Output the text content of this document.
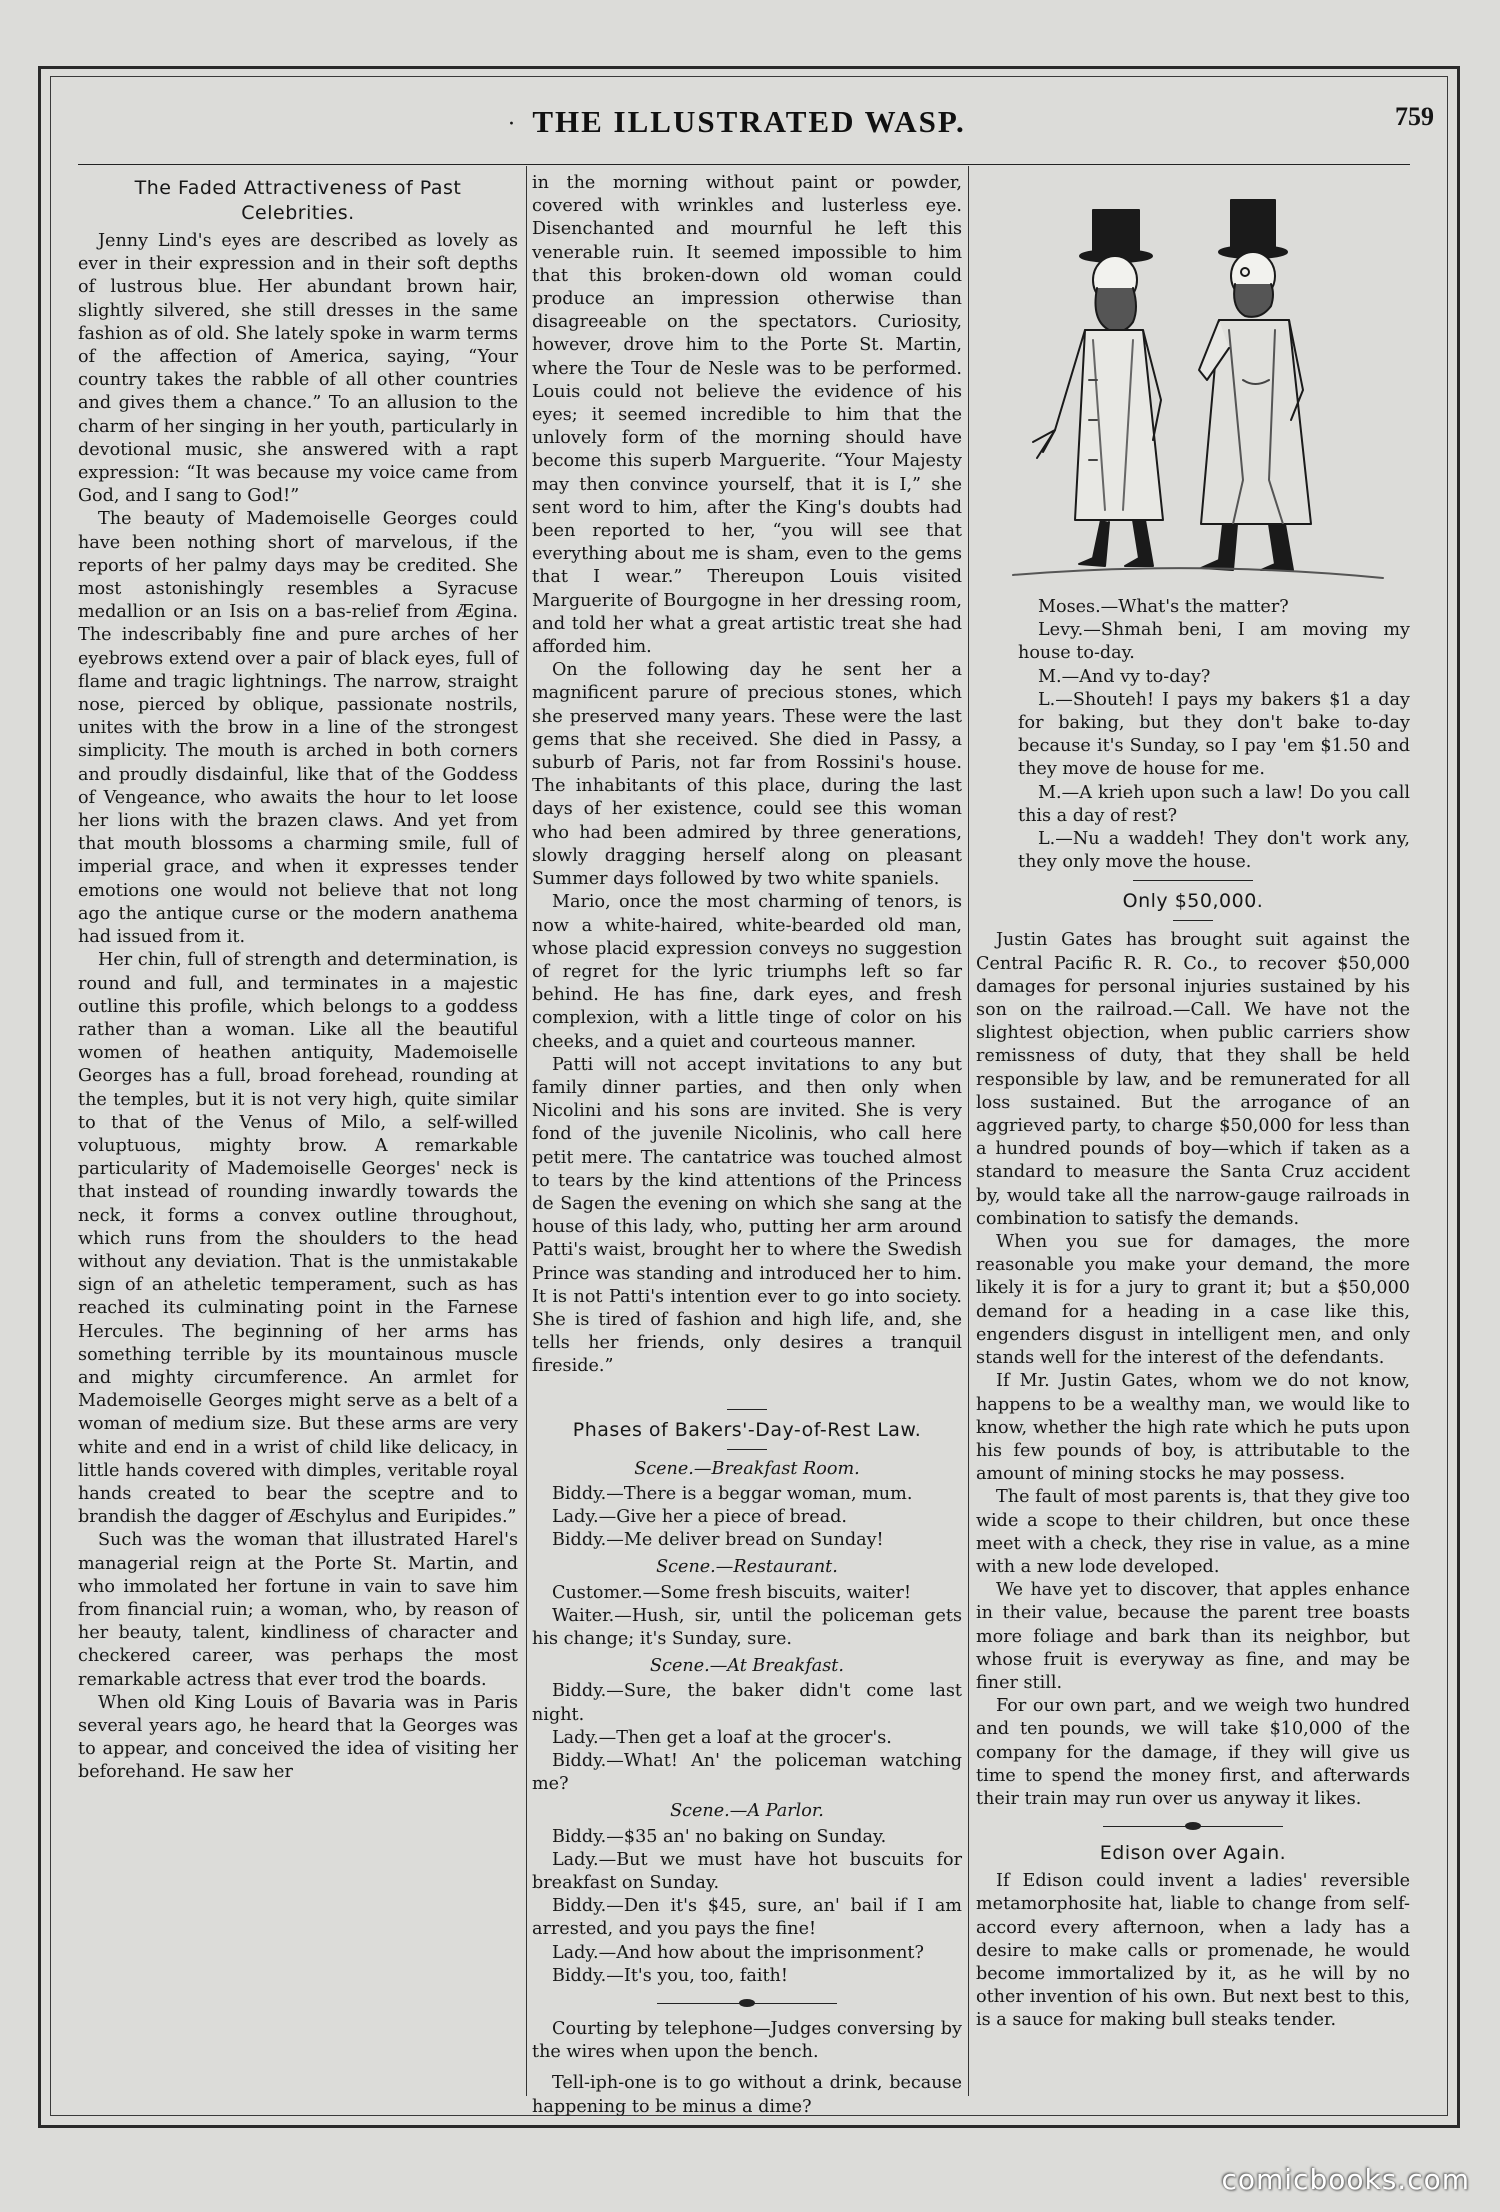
· THE ILLUSTRATED WASP.	759
The Faded Attractiveness of Past Celebrities.

Jenny Lind's eyes are described as lovely as ever in their expression and in their soft depths of lustrous blue. Her abundant brown hair, slightly silvered, she still dresses in the same fashion as of old. She lately spoke in warm terms of the affection of America, saying, “Your country takes the rabble of all other countries and gives them a chance.” To an allusion to the charm of her singing in her youth, particularly in devotional music, she answered with a rapt expression: “It was because my voice came from God, and I sang to God!”

The beauty of Mademoiselle Georges could have been nothing short of marvelous, if the reports of her palmy days may be credited. She most astonishingly resembles a Syracuse medallion or an Isis on a bas-relief from Ægina. The indescribably fine and pure arches of her eyebrows extend over a pair of black eyes, full of flame and tragic lightnings. The narrow, straight nose, pierced by oblique, passionate nostrils, unites with the brow in a line of the strongest simplicity. The mouth is arched in both corners and proudly disdainful, like that of the Goddess of Vengeance, who awaits the hour to let loose her lions with the brazen claws. And yet from that mouth blossoms a charming smile, full of imperial grace, and when it expresses tender emotions one would not believe that not long ago the antique curse or the modern anathema had issued from it.

Her chin, full of strength and determination, is round and full, and terminates in a majestic outline this profile, which belongs to a goddess rather than a woman. Like all the beautiful women of heathen antiquity, Mademoiselle Georges has a full, broad forehead, rounding at the temples, but it is not very high, quite similar to that of the Venus of Milo, a self-willed voluptuous, mighty brow. A remarkable particularity of Mademoiselle Georges' neck is that instead of rounding inwardly towards the neck, it forms a convex outline throughout, which runs from the shoulders to the head without any deviation. That is the unmistakable sign of an atheletic temperament, such as has reached its culminating point in the Farnese Hercules. The beginning of her arms has something terrible by its mountainous muscle and mighty circumference. An armlet for Mademoiselle Georges might serve as a belt of a woman of medium size. But these arms are very white and end in a wrist of child like delicacy, in little hands covered with dimples, veritable royal hands created to bear the sceptre and to brandish the dagger of Æschylus and Euripides.”

Such was the woman that illustrated Harel's managerial reign at the Porte St. Martin, and who immolated her fortune in vain to save him from financial ruin; a woman, who, by reason of her beauty, talent, kindliness of character and checkered career, was perhaps the most remarkable actress that ever trod the boards.

When old King Louis of Bavaria was in Paris several years ago, he heard that la Georges was to appear, and conceived the idea of visiting her beforehand. He saw her

in the morning without paint or powder, covered with wrinkles and lusterless eye. Disenchanted and mournful he left this venerable ruin. It seemed impossible to him that this broken-down old woman could produce an impression otherwise than disagreeable on the spectators. Curiosity, however, drove him to the Porte St. Martin, where the Tour de Nesle was to be performed. Louis could not believe the evidence of his eyes; it seemed incredible to him that the unlovely form of the morning should have become this superb Marguerite. “Your Majesty may then convince yourself, that it is I,” she sent word to him, after the King's doubts had been reported to her, “you will see that everything about me is sham, even to the gems that I wear.” Thereupon Louis visited Marguerite of Bourgogne in her dressing room, and told her what a great artistic treat she had afforded him.

On the following day he sent her a magnificent parure of precious stones, which she preserved many years. These were the last gems that she received. She died in Passy, a suburb of Paris, not far from Rossini's house. The inhabitants of this place, during the last days of her existence, could see this woman who had been admired by three generations, slowly dragging herself along on pleasant Summer days followed by two white spaniels.

Mario, once the most charming of tenors, is now a white-haired, white-bearded old man, whose placid expression conveys no suggestion of regret for the lyric triumphs left so far behind. He has fine, dark eyes, and fresh complexion, with a little tinge of color on his cheeks, and a quiet and courteous manner.

Patti will not accept invitations to any but family dinner parties, and then only when Nicolini and his sons are invited. She is very fond of the juvenile Nicolinis, who call here petit mere. The cantatrice was touched almost to tears by the kind attentions of the Princess de Sagen the evening on which she sang at the house of this lady, who, putting her arm around Patti's waist, brought her to where the Swedish Prince was standing and introduced her to him. It is not Patti's intention ever to go into society. She is tired of fashion and high life, and, she tells her friends, only desires a tranquil fireside.”

Phases of Bakers'-Day-of-Rest Law.
Scene.—Breakfast Room.

Biddy.—There is a beggar woman, mum.

Lady.—Give her a piece of bread.

Biddy.—Me deliver bread on Sunday!

Scene.—Restaurant.

Customer.—Some fresh biscuits, waiter!

Waiter.—Hush, sir, until the policeman gets his change; it's Sunday, sure.

Scene.—At Breakfast.

Biddy.—Sure, the baker didn't come last night.

Lady.—Then get a loaf at the grocer's.

Biddy.—What! An' the policeman watching me?

Scene.—A Parlor.

Biddy.—$35 an' no baking on Sunday.

Lady.—But we must have hot buscuits for breakfast on Sunday.

Biddy.—Den it's $45, sure, an' bail if I am arrested, and you pays the fine!

Lady.—And how about the imprisonment?

Biddy.—It's you, too, faith!

Courting by telephone—Judges conversing by the wires when upon the bench.

Tell-iph-one is to go without a drink, because happening to be minus a dime?

Moses.—What's the matter?

Levy.—Shmah beni, I am moving my house to-day.

M.—And vy to-day?

L.—Shouteh! I pays my bakers $1 a day for baking, but they don't bake to-day because it's Sunday, so I pay 'em $1.50 and they move de house for me.

M.—A krieh upon such a law! Do you call this a day of rest?

L.—Nu a waddeh! They don't work any, they only move the house.

Only $50,000.

Justin Gates has brought suit against the Central Pacific R. R. Co., to recover $50,000 damages for personal injuries sustained by his son on the railroad.—Call. We have not the slightest objection, when public carriers show remissness of duty, that they shall be held responsible by law, and be remunerated for all loss sustained. But the arrogance of an aggrieved party, to charge $50,000 for less than a hundred pounds of boy—which if taken as a standard to measure the Santa Cruz accident by, would take all the narrow-gauge railroads in combination to satisfy the demands.

When you sue for damages, the more reasonable you make your demand, the more likely it is for a jury to grant it; but a $50,000 demand for a heading in a case like this, engenders disgust in intelligent men, and only stands well for the interest of the defendants.

If Mr. Justin Gates, whom we do not know, happens to be a wealthy man, we would like to know, whether the high rate which he puts upon his few pounds of boy, is attributable to the amount of mining stocks he may possess.

The fault of most parents is, that they give too wide a scope to their children, but once these meet with a check, they rise in value, as a mine with a new lode developed.

We have yet to discover, that apples enhance in their value, because the parent tree boasts more foliage and bark than its neighbor, but whose fruit is everyway as fine, and may be finer still.

For our own part, and we weigh two hundred and ten pounds, we will take $10,000 of the company for the damage, if they will give us time to spend the money first, and afterwards their train may run over us anyway it likes.

Edison over Again.

If Edison could invent a ladies' reversible metamorphosite hat, liable to change from self-accord every afternoon, when a lady has a desire to make calls or promenade, he would become immortalized by it, as he will by no other invention of his own. But next best to this, is a sauce for making bull steaks tender.

comicbooks.com
